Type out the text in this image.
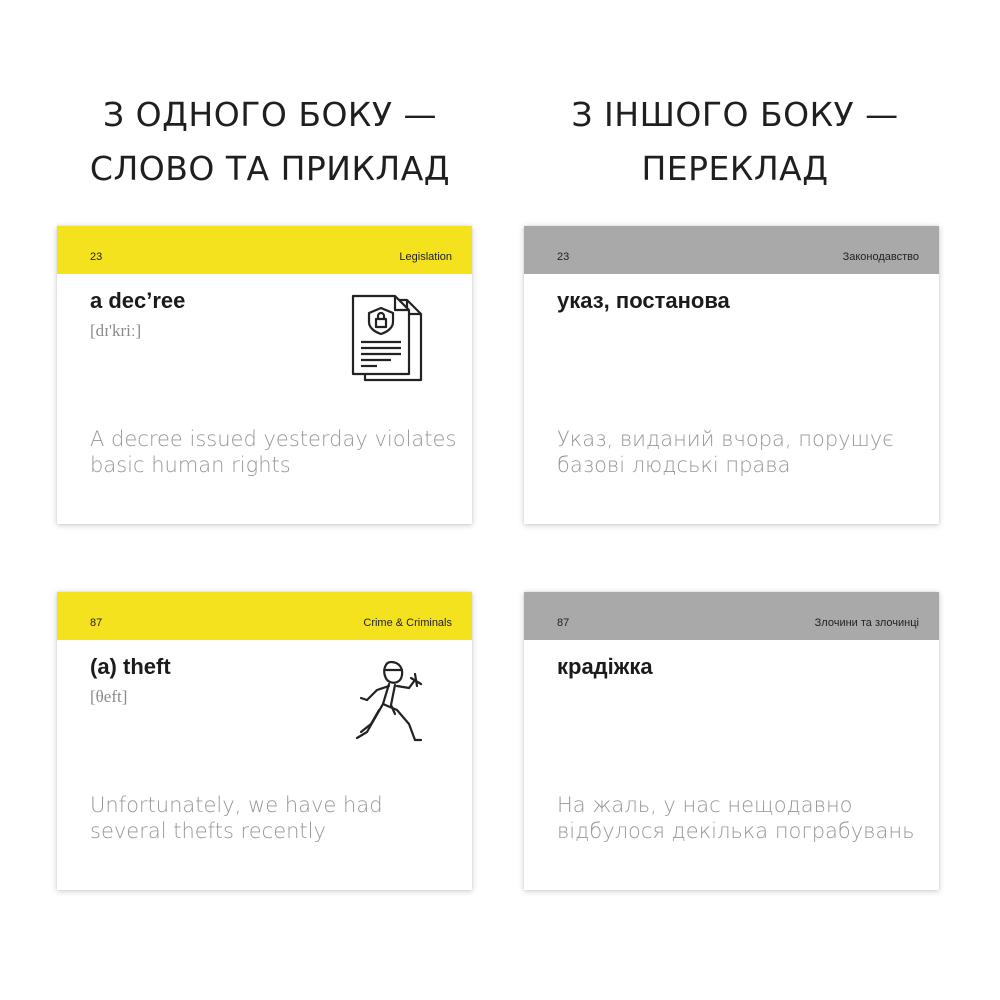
З ОДНОГО БОКУ —
СЛОВО ТА ПРИКЛАД
З ІНШОГО БОКУ —
ПЕРЕКЛАД
23	Legislation
a dec’ree
[dɪ'kriː]
A decree issued yesterday violates basic human rights
23	Законодавство
указ, постанова
Указ, виданий вчора, порушує базові людські права
87	Crime & Criminals
(a) theft
[θeft]
Unfortunately, we have had several thefts recently
87	Злочини та злочинці
крадіжка
На жаль, у нас нещодавно відбулося декілька пограбувань
